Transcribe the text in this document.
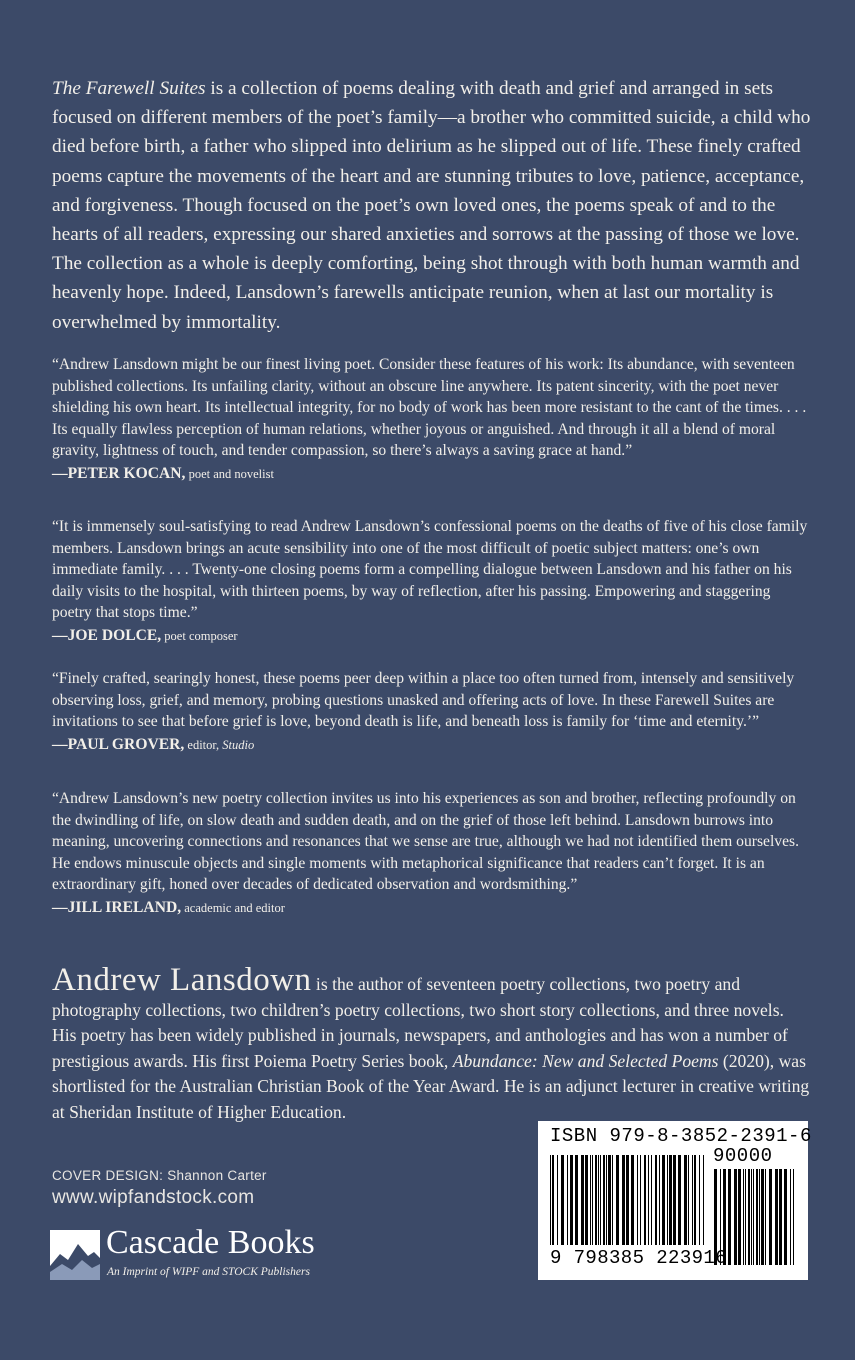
The Farewell Suites is a collection of poems dealing with death and grief and arranged in sets focused on different members of the poet’s family—a brother who committed suicide, a child who died before birth, a father who slipped into delirium as he slipped out of life. These finely crafted poems capture the movements of the heart and are stunning tributes to love, patience, acceptance, and forgiveness. Though focused on the poet’s own loved ones, the poems speak of and to the hearts of all readers, expressing our shared anxieties and sorrows at the passing of those we love. The collection as a whole is deeply comforting, being shot through with both human warmth and heavenly hope. Indeed, Lansdown’s farewells anticipate reunion, when at last our mortality is overwhelmed by immortality.

“Andrew Lansdown might be our finest living poet. Consider these features of his work: Its abundance, with seventeen published collections. Its unfailing clarity, without an obscure line anywhere. Its patent sincerity, with the poet never shielding his own heart. Its intellectual integrity, for no body of work has been more resistant to the cant of the times. . . . Its equally flawless perception of human relations, whether joyous or anguished. And through it all a blend of moral gravity, lightness of touch, and tender compassion, so there’s always a saving grace at hand.”

—PETER KOCAN, poet and novelist

“It is immensely soul-satisfying to read Andrew Lansdown’s confessional poems on the deaths of five of his close family members. Lansdown brings an acute sensibility into one of the most difficult of poetic subject matters: one’s own immediate family. . . . Twenty-one closing poems form a compelling dialogue between Lansdown and his father on his daily visits to the hospital, with thirteen poems, by way of reflection, after his passing. Empowering and staggering poetry that stops time.”

—JOE DOLCE, poet composer

“Finely crafted, searingly honest, these poems peer deep within a place too often turned from, intensely and sensitively observing loss, grief, and memory, probing questions unasked and offering acts of love. In these Farewell Suites are invitations to see that before grief is love, beyond death is life, and beneath loss is family for ‘time and eternity.’”

—PAUL GROVER, editor, Studio

“Andrew Lansdown’s new poetry collection invites us into his experiences as son and brother, reflecting profoundly on the dwindling of life, on slow death and sudden death, and on the grief of those left behind. Lansdown burrows into meaning, uncovering connections and resonances that we sense are true, although we had not identified them ourselves. He endows minuscule objects and single moments with metaphorical significance that readers can’t forget. It is an extraordinary gift, honed over decades of dedicated observation and wordsmithing.”

—JILL IRELAND, academic and editor

Andrew Lansdown is the author of seventeen poetry collections, two poetry and photography collections, two children’s poetry collections, two short story collections, and three novels. His poetry has been widely published in journals, newspapers, and anthologies and has won a number of prestigious awards. His first Poiema Poetry Series book, Abundance: New and Selected Poems (2020), was shortlisted for the Australian Christian Book of the Year Award. He is an adjunct lecturer in creative writing at Sheridan Institute of Higher Education.

COVER DESIGN: Shannon Carter

www.wipfandstock.com

Cascade Books
An Imprint of WIPF and STOCK Publishers
ISBN 979-8-3852-2391-6
90000
9 798385 223916
